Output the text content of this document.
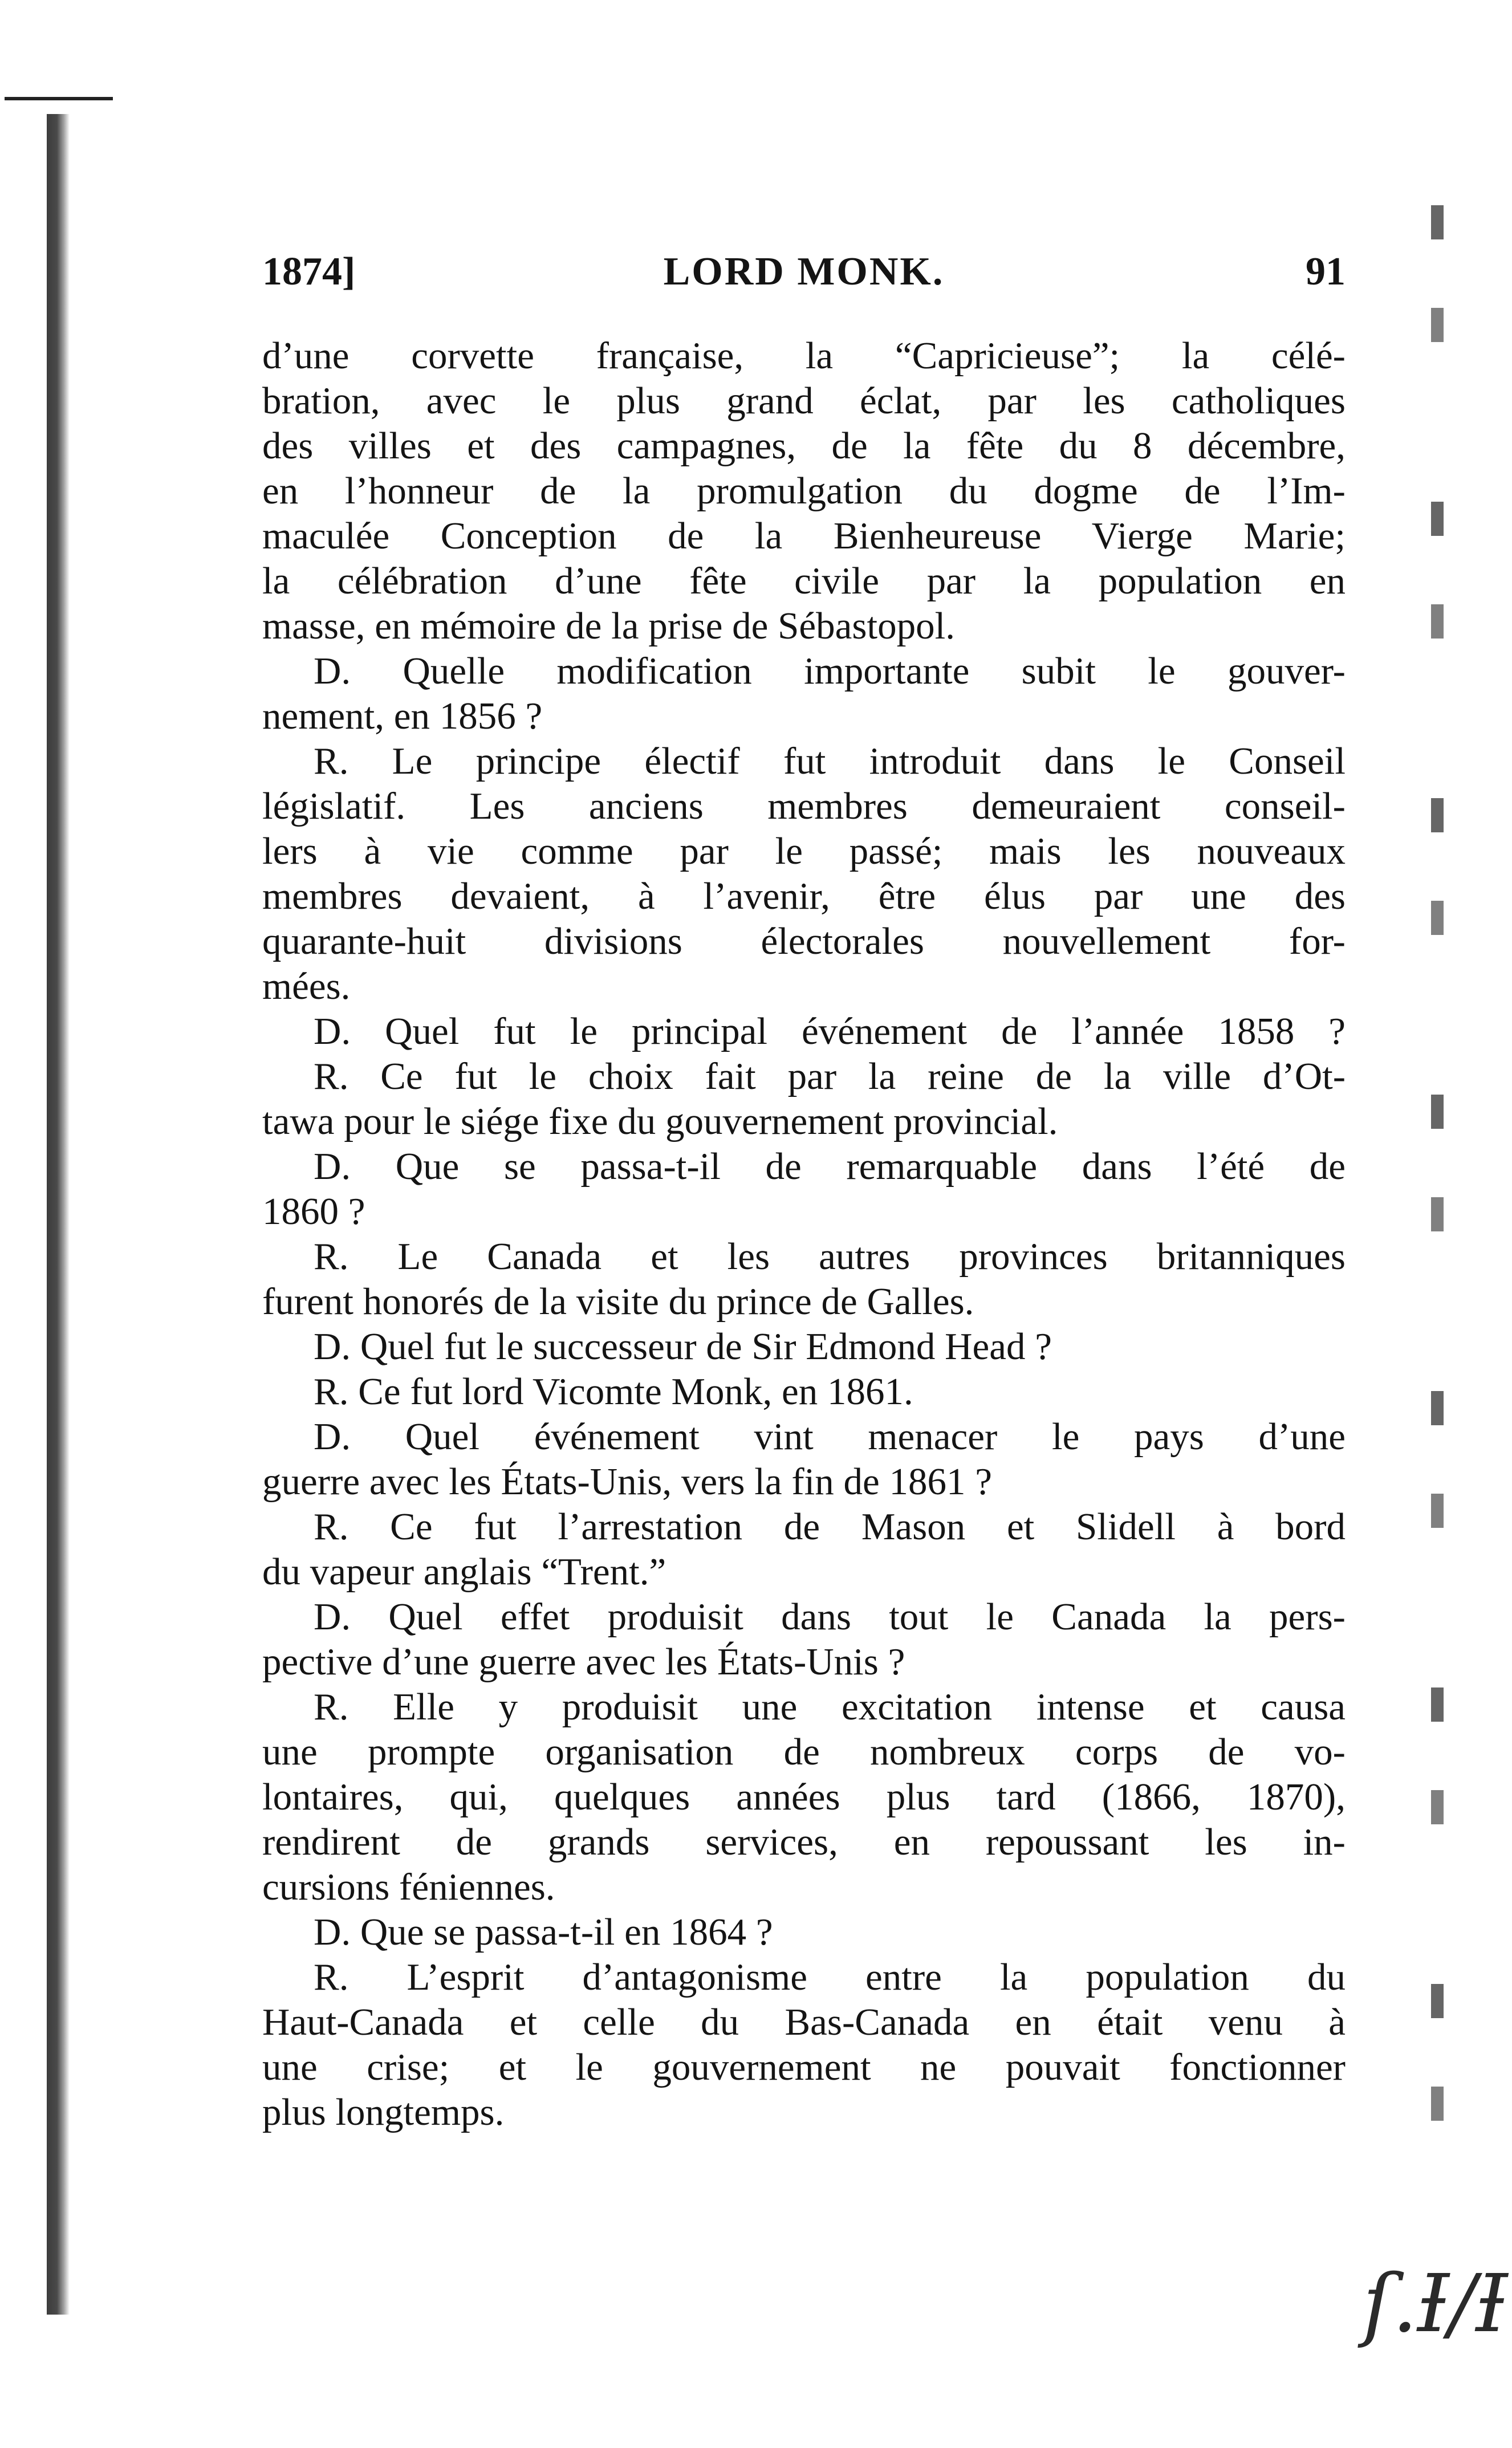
ſ.Ɨ/Ɨ
1874]	LORD MONK.	91
d’une corvette française, la “Capricieuse”; la célé-
bration, avec le plus grand éclat, par les catholiques
des villes et des campagnes, de la fête du 8 décembre,
en l’honneur de la promulgation du dogme de l’Im-
maculée Conception de la Bienheureuse Vierge Marie;
la célébration d’une fête civile par la population en
masse, en mémoire de la prise de Sébastopol.
D. Quelle modification importante subit le gouver-
nement, en 1856 ?
R. Le principe électif fut introduit dans le Conseil
législatif. Les anciens membres demeuraient conseil-
lers à vie comme par le passé; mais les nouveaux
membres devaient, à l’avenir, être élus par une des
quarante-huit divisions électorales nouvellement for-
mées.
D. Quel fut le principal événement de l’année 1858 ?
R. Ce fut le choix fait par la reine de la ville d’Ot-
tawa pour le siége fixe du gouvernement provincial.
D. Que se passa-t-il de remarquable dans l’été de
1860 ?
R. Le Canada et les autres provinces britanniques
furent honorés de la visite du prince de Galles.
D. Quel fut le successeur de Sir Edmond Head ?
R. Ce fut lord Vicomte Monk, en 1861.
D. Quel événement vint menacer le pays d’une
guerre avec les États-Unis, vers la fin de 1861 ?
R. Ce fut l’arrestation de Mason et Slidell à bord
du vapeur anglais “Trent.”
D. Quel effet produisit dans tout le Canada la pers-
pective d’une guerre avec les États-Unis ?
R. Elle y produisit une excitation intense et causa
une prompte organisation de nombreux corps de vo-
lontaires, qui, quelques années plus tard (1866, 1870),
rendirent de grands services, en repoussant les in-
cursions féniennes.
D. Que se passa-t-il en 1864 ?
R. L’esprit d’antagonisme entre la population du
Haut-Canada et celle du Bas-Canada en était venu à
une crise; et le gouvernement ne pouvait fonctionner
plus longtemps.
